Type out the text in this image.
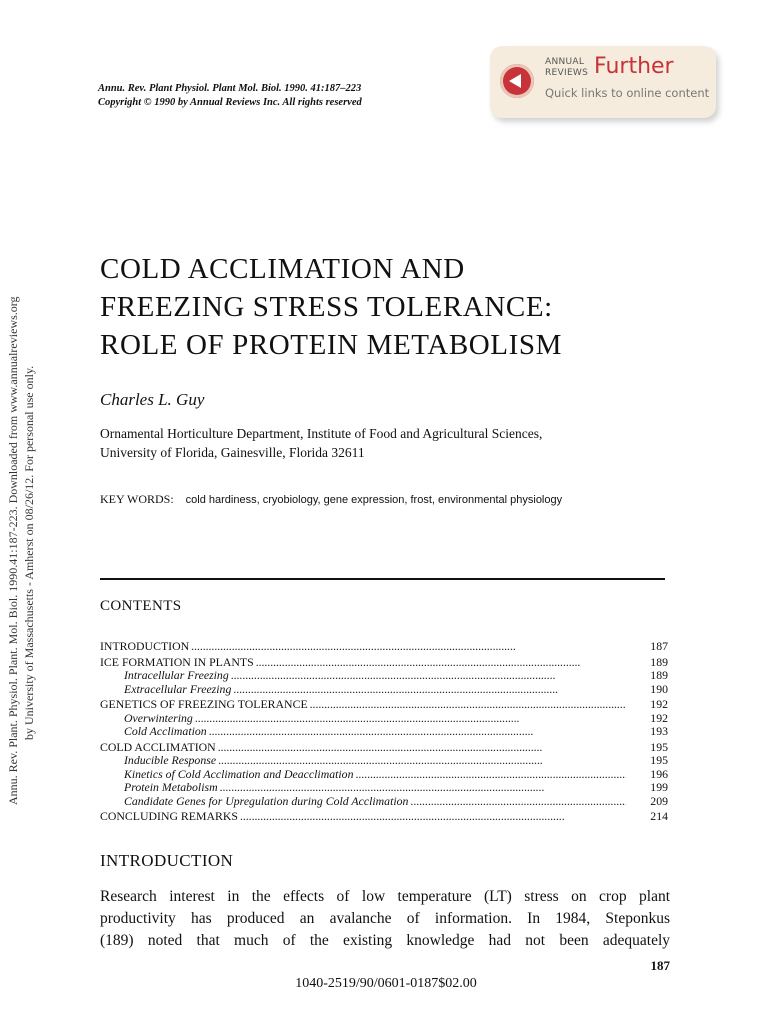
Annu. Rev. Plant Physiol. Plant Mol. Biol. 1990. 41:187–223
Copyright © 1990 by Annual Reviews Inc. All rights reserved
ANNUAL
REVIEWS Further
Quick links to online content
Annu. Rev. Plant. Physiol. Plant. Mol. Biol. 1990.41:187-223. Downloaded from www.annualreviews.org by University of Massachusetts - Amherst on 08/26/12. For personal use only.
COLD ACCLIMATION AND
FREEZING STRESS TOLERANCE:
ROLE OF PROTEIN METABOLISM
Charles L. Guy
Ornamental Horticulture Department, Institute of Food and Agricultural Sciences,
University of Florida, Gainesville, Florida 32611
KEY WORDS: cold hardiness, cryobiology, gene expression, frost, environmental physiology
CONTENTS
INTRODUCTION . . .	187
ICE FORMATION IN PLANTS . . .	189
Intracellular Freezing . . .	189
Extracellular Freezing . . .	190
GENETICS OF FREEZING TOLERANCE . . .	192
Overwintering . . .	192
Cold Acclimation . . .	193
COLD ACCLIMATION . . .	195
Inducible Response . . .	195
Kinetics of Cold Acclimation and Deacclimation . . .	196
Protein Metabolism . . .	199
Candidate Genes for Upregulation during Cold Acclimation . . .	209
CONCLUDING REMARKS . . .	214
INTRODUCTION
Research interest in the effects of low temperature (LT) stress on crop plant
productivity has produced an avalanche of information. In 1984, Steponkus
(189) noted that much of the existing knowledge had not been adequately
187
1040-2519/90/0601-0187$02.00
